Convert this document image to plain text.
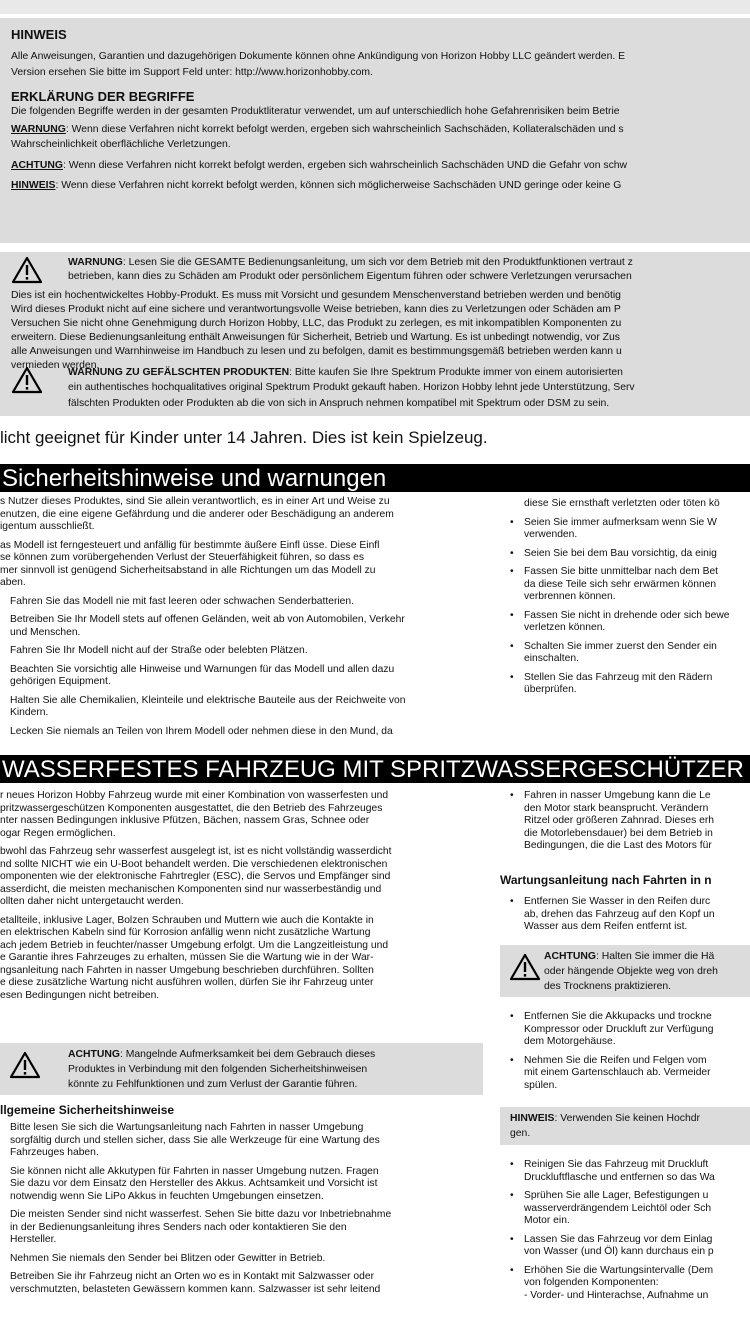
HINWEIS
Alle Anweisungen, Garantien und dazugehörigen Dokumente können ohne Ankündigung von Horizon Hobby LLC geändert werden. E
Version ersehen Sie bitte im Support Feld unter: http://www.horizonhobby.com.
ERKLÄRUNG DER BEGRIFFE
Die folgenden Begriffe werden in der gesamten Produktliteratur verwendet, um auf unterschiedlich hohe Gefahrenrisiken beim Betrie
WARNUNG: Wenn diese Verfahren nicht korrekt befolgt werden, ergeben sich wahrscheinlich Sachschäden, Kollateralschäden und s
Wahrscheinlichkeit oberflächliche Verletzungen.
ACHTUNG: Wenn diese Verfahren nicht korrekt befolgt werden, ergeben sich wahrscheinlich Sachschäden UND die Gefahr von schw
HINWEIS: Wenn diese Verfahren nicht korrekt befolgt werden, können sich möglicherweise Sachschäden UND geringe oder keine G
WARNUNG: Lesen Sie die GESAMTE Bedienungsanleitung, um sich vor dem Betrieb mit den Produktfunktionen vertraut z
betrieben, kann dies zu Schäden am Produkt oder persönlichem Eigentum führen oder schwere Verletzungen verursachen
Dies ist ein hochentwickeltes Hobby-Produkt. Es muss mit Vorsicht und gesundem Menschenverstand betrieben werden und benötig
Wird dieses Produkt nicht auf eine sichere und verantwortungsvolle Weise betrieben, kann dies zu Verletzungen oder Schäden am P
Versuchen Sie nicht ohne Genehmigung durch Horizon Hobby, LLC, das Produkt zu zerlegen, es mit inkompatiblen Komponenten zu
erweitern. Diese Bedienungsanleitung enthält Anweisungen für Sicherheit, Betrieb und Wartung. Es ist unbedingt notwendig, vor Zus
alle Anweisungen und Warnhinweise im Handbuch zu lesen und zu befolgen, damit es bestimmungsgemäß betrieben werden kann u
vermieden werden.
WARNUNG ZU GEFÄLSCHTEN PRODUKTEN: Bitte kaufen Sie Ihre Spektrum Produkte immer von einem autorisierten
ein authentisches hochqualitatives original Spektrum Produkt gekauft haben. Horizon Hobby lehnt jede Unterstützung, Serv
fälschten Produkten oder Produkten ab die von sich in Anspruch nehmen kompatibel mit Spektrum oder DSM zu sein.
licht geeignet für Kinder unter 14 Jahren. Dies ist kein Spielzeug.
Sicherheitshinweise und warnungen
s Nutzer dieses Produktes, sind Sie allein verantwortlich, es in einer Art und Weise zu
enutzen, die eine eigene Gefährdung und die anderer oder Beschädigung an anderem
igentum ausschließt.
as Modell ist ferngesteuert und anfällig für bestimmte äußere Einfl üsse. Diese Einfl
se können zum vorübergehenden Verlust der Steuerfähigkeit führen, so dass es
mer sinnvoll ist genügend Sicherheitsabstand in alle Richtungen um das Modell zu
aben.
Fahren Sie das Modell nie mit fast leeren oder schwachen Senderbatterien.
Betreiben Sie Ihr Modell stets auf offenen Geländen, weit ab von Automobilen, Verkehr
und Menschen.
Fahren Sie Ihr Modell nicht auf der Straße oder belebten Plätzen.
Beachten Sie vorsichtig alle Hinweise und Warnungen für das Modell und allen dazu
gehörigen Equipment.
Halten Sie alle Chemikalien, Kleinteile und elektrische Bauteile aus der Reichweite von
Kindern.
Lecken Sie niemals an Teilen von Ihrem Modell oder nehmen diese in den Mund, da
diese Sie ernsthaft verletzten oder töten kö
• Seien Sie immer aufmerksam wenn Sie W
verwenden.
• Seien Sie bei dem Bau vorsichtig, da einig
• Fassen Sie bitte unmittelbar nach dem Bet
da diese Teile sich sehr erwärmen können
verbrennen können.
• Fassen Sie nicht in drehende oder sich bewe
verletzen können.
• Schalten Sie immer zuerst den Sender ein
einschalten.
• Stellen Sie das Fahrzeug mit den Rädern
überprüfen.
WASSERFESTES FAHRZEUG MIT SPRITZWASSERGESCHÜTZER
r neues Horizon Hobby Fahrzeug wurde mit einer Kombination von wasserfesten und
pritzwassergeschützen Komponenten ausgestattet, die den Betrieb des Fahrzeuges
nter nassen Bedingungen inklusive Pfützen, Bächen, nassem Gras, Schnee oder
ogar Regen ermöglichen.
bwohl das Fahrzeug sehr wasserfest ausgelegt ist, ist es nicht vollständig wasserdicht
nd sollte NICHT wie ein U-Boot behandelt werden. Die verschiedenen elektronischen
omponenten wie der elektronische Fahrtregler (ESC), die Servos und Empfänger sind
asserdicht, die meisten mechanischen Komponenten sind nur wasserbeständig und
ollten daher nicht untergetaucht werden.
etallteile, inklusive Lager, Bolzen Schrauben und Muttern wie auch die Kontakte in
en elektrischen Kabeln sind für Korrosion anfällig wenn nicht zusätzliche Wartung
ach jedem Betrieb in feuchter/nasser Umgebung erfolgt. Um die Langzeitleistung und
e Garantie ihres Fahrzeuges zu erhalten, müssen Sie die Wartung wie in der War-
ngsanleitung nach Fahrten in nasser Umgebung beschrieben durchführen. Sollten
e diese zusätzliche Wartung nicht ausführen wollen, dürfen Sie ihr Fahrzeug unter
esen Bedingungen nicht betreiben.
ACHTUNG: Mangelnde Aufmerksamkeit bei dem Gebrauch dieses
Produktes in Verbindung mit den folgenden Sicherheitshinweisen
könnte zu Fehlfunktionen und zum Verlust der Garantie führen.
llgemeine Sicherheitshinweise
Bitte lesen Sie sich die Wartungsanleitung nach Fahrten in nasser Umgebung
sorgfältig durch und stellen sicher, dass Sie alle Werkzeuge für eine Wartung des
Fahrzeuges haben.
Sie können nicht alle Akkutypen für Fahrten in nasser Umgebung nutzen. Fragen
Sie dazu vor dem Einsatz den Hersteller des Akkus. Achtsamkeit und Vorsicht ist
notwendig wenn Sie LiPo Akkus in feuchten Umgebungen einsetzen.
Die meisten Sender sind nicht wasserfest. Sehen Sie bitte dazu vor Inbetriebnahme
in der Bedienungsanleitung ihres Senders nach oder kontaktieren Sie den
Hersteller.
Nehmen Sie niemals den Sender bei Blitzen oder Gewitter in Betrieb.
Betreiben Sie ihr Fahrzeug nicht an Orten wo es in Kontakt mit Salzwasser oder
verschmutzten, belasteten Gewässern kommen kann. Salzwasser ist sehr leitend
• Fahren in nasser Umgebung kann die Le
den Motor stark beansprucht. Verändern
Ritzel oder größeren Zahnrad. Dieses erh
die Motorlebensdauer) bei dem Betrieb in
Bedingungen, die die Last des Motors für
Wartungsanleitung nach Fahrten in n
• Entfernen Sie Wasser in den Reifen durc
ab, drehen das Fahrzeug auf den Kopf un
Wasser aus dem Reifen entfernt ist.
ACHTUNG: Halten Sie immer die Hä
oder hängende Objekte weg von dreh
des Trocknens praktizieren.
• Entfernen Sie die Akkupacks und trockne
Kompressor oder Druckluft zur Verfügung
dem Motorgehäuse.
• Nehmen Sie die Reifen und Felgen vom
mit einem Gartenschlauch ab. Vermeider
spülen.
HINWEIS: Verwenden Sie keinen Hochdr
gen.
• Reinigen Sie das Fahrzeug mit Druckluft
Druckluftflasche und entfernen so das Wa
• Sprühen Sie alle Lager, Befestigungen u
wasserverdrängendem Leichtöl oder Sch
Motor ein.
• Lassen Sie das Fahrzeug vor dem Einlag
von Wasser (und Öl) kann durchaus ein p
• Erhöhen Sie die Wartungsintervalle (Dem
von folgenden Komponenten:
- Vorder- und Hinterachse, Aufnahme un
